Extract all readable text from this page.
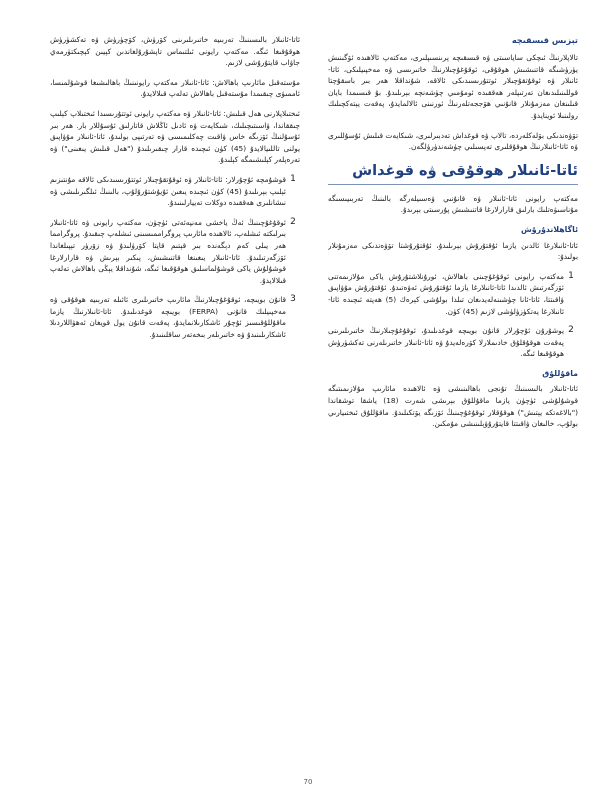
تېزىس قىسقىچە

تالاپلارنىڭ ئىچكى ساياسىتى ۋە قىسقىچە پرىنسىپلىرى، مەكتەپ ئالاھىدە ئۆگىنىش يۈرۈشىگە قاتنىشىش ھوقۇقى، ئوقۇغۇچىلارنىڭ خاتىرىسى ۋە مەخپىيلىكى، ئاتا-ئانىلار ۋە ئوقۇتقۇچىلار ئوتتۇرىسىدىكى ئالاقە، شۇنداقلا ھەر بىر باسقۇچتا قوللىنىلىدىغان تەرتىپلەر ھەققىدە ئومۇمىي چۈشەنچە بېرىلىدۇ. بۇ قىسىمدا بايان قىلىنغان مەزمۇنلار قانۇنىي ھۆججەتلەرنىڭ ئورنىنى ئالالمايدۇ، پەقەت يېتەكچىلىك رولىنىلا ئوينايدۇ.

تۆۋەندىكى بۆلەكلەردە، تالاپ ۋە قوغداش تەدبىرلىرى، شىكايەت قىلىش ئۇسۇللىرى ۋە ئاتا-ئانىلارنىڭ ھوقۇقلىرى تەپسىلىي چۈشەندۈرۈلگەن.

ئاتا-ئانىلار ھوقۇقى ۋە قوغداش

مەكتەپ رايونى ئاتا-ئانىلار ۋە قانۇنىي ۋەسىيلەرگە بالىنىڭ تەربىيىسىگە مۇناسىۋەتلىك بارلىق قارارلارغا قاتنىشىش پۇرسىتى بېرىدۇ.

ئاگاھلاندۇرۇش

ئاتا-ئانىلارغا ئالدىن يازما ئۇقتۇرۇش بېرىلىدۇ، ئۇقتۇرۇشتا تۆۋەندىكى مەزمۇنلار بولىدۇ:

1
مەكتەپ رايونى ئوقۇغۇچىنى باھالاش، ئورۇنلاشتۇرۇش ياكى مۇلازىمەتنى ئۆزگەرتىش ئالدىدا ئاتا-ئانىلارغا يازما ئۇقتۇرۇش ئەۋەتىدۇ. ئۇقتۇرۇش مۇۋاپىق ۋاقىتتا، ئاتا-ئانا چۈشىنەلەيدىغان تىلدا بولۇشى كېرەك (5) ھەپتە ئىچىدە ئاتا-ئانىلارغا يەتكۈزۈلۈشى لازىم (45) كۈن.
2
يوشۇرۇن ئۇچۇرلار قانۇن بويىچە قوغدىلىدۇ، ئوقۇغۇچىلارنىڭ خاتىرىلىرىنى پەقەت ھوقۇقلۇق خادىملارلا كۆرەلەيدۇ ۋە ئاتا-ئانىلار خاتىرىلەرنى تەكشۈرۈش ھوقۇقىغا ئىگە.
ماقۇللۇق

ئاتا-ئانىلار بالىسىنىڭ تۇنجى باھالىنىشى ۋە ئالاھىدە مائارىپ مۇلازىمىتىگە قوشۇلۇشى ئۈچۈن يازما ماقۇللۇق بېرىشى شەرت (18) ياشقا توشقاندا ("بالاغەتكە يېتىش") ھوقۇقلار ئوقۇغۇچىنىڭ ئۆزىگە يۆتكىلىدۇ. ماقۇللۇق ئىختىيارىي بولۇپ، خالىغان ۋاقىتتا قايتۇرۇۋېلىنىشى مۇمكىن.

ئاتا-ئانىلار بالىسىنىڭ تەربىيە خاتىرىلىرىنى كۆرۈش، كۆچۈرۈش ۋە تەكشۈرۈش ھوقۇقىغا ئىگە. مەكتەپ رايونى ئىلتىماس تاپشۇرۇلغاندىن كېيىن كېچىكتۈرمەي جاۋاب قايتۇرۇشى لازىم.

مۇستەقىل مائارىپ باھالاش: ئاتا-ئانىلار مەكتەپ رايونىنىڭ باھالىشىغا قوشۇلمىسا، ئاممىۋى چىقىمدا مۇستەقىل باھالاش تەلەپ قىلالايدۇ.

ئىختىلاپلارنى ھەل قىلىش: ئاتا-ئانىلار ۋە مەكتەپ رايونى ئوتتۇرىسىدا ئىختىلاپ كېلىپ چىققاندا، ۋاسىتىچىلىك، شىكايەت ۋە ئادىل ئاڭلاش قاتارلىق ئۇسۇللار بار. ھەر بىر ئۇسۇلنىڭ ئۆزىگە خاس ۋاقىت چەكلىمىسى ۋە تەرتىپى بولىدۇ، ئاتا-ئانىلار مۇۋاپىق يولنى تاللىيالايدۇ (45) كۈن ئىچىدە قارار چىقىرىلىدۇ ("ھەل قىلىش يىغىنى") ۋە تەرەپلەر كېلىشىمگە كېلىدۇ.

1
قوشۇمچە ئۇچۇرلار: ئاتا-ئانىلار ۋە ئوقۇتقۇچىلار ئوتتۇرىسىدىكى ئالاقە مۇنتىزىم ئېلىپ بېرىلىدۇ (45) كۈن ئىچىدە يىغىن ئۇيۇشتۇرۇلۇپ، بالىنىڭ ئىلگىرىلىشى ۋە نىشانلىرى ھەققىدە دوكلات تەييارلىنىدۇ.
2
ئوقۇغۇچىنىڭ ئەڭ ياخشى مەنپەئەتى ئۈچۈن، مەكتەپ رايونى ۋە ئاتا-ئانىلار بىرلىكتە ئىشلەپ، ئالاھىدە مائارىپ پروگراممىسىنى ئىشلەپ چىقىدۇ. پروگرامما ھەر يىلى كەم دېگەندە بىر قېتىم قايتا كۆرۈلىدۇ ۋە زۆرۈر تېپىلغاندا ئۆزگەرتىلىدۇ. ئاتا-ئانىلار يىغىنغا قاتنىشىش، پىكىر بېرىش ۋە قارارلارغا قوشۇلۇش ياكى قوشۇلماسلىق ھوقۇقىغا ئىگە، شۇنداقلا يېڭى باھالاش تەلەپ قىلالايدۇ.
3
قانۇن بويىچە، ئوقۇغۇچىلارنىڭ مائارىپ خاتىرىلىرى ئائىلە تەربىيە ھوقۇقى ۋە مەخپىيلىك قانۇنى (FERPA) بويىچە قوغدىلىدۇ. ئاتا-ئانىلارنىڭ يازما ماقۇللۇقىسىز ئۇچۇر ئاشكارىلانمايدۇ، پەقەت قانۇن يول قويغان ئەھۋاللاردىلا ئاشكارىلىنىدۇ ۋە خاتىرىلەر بىخەتەر ساقلىنىدۇ.
70
